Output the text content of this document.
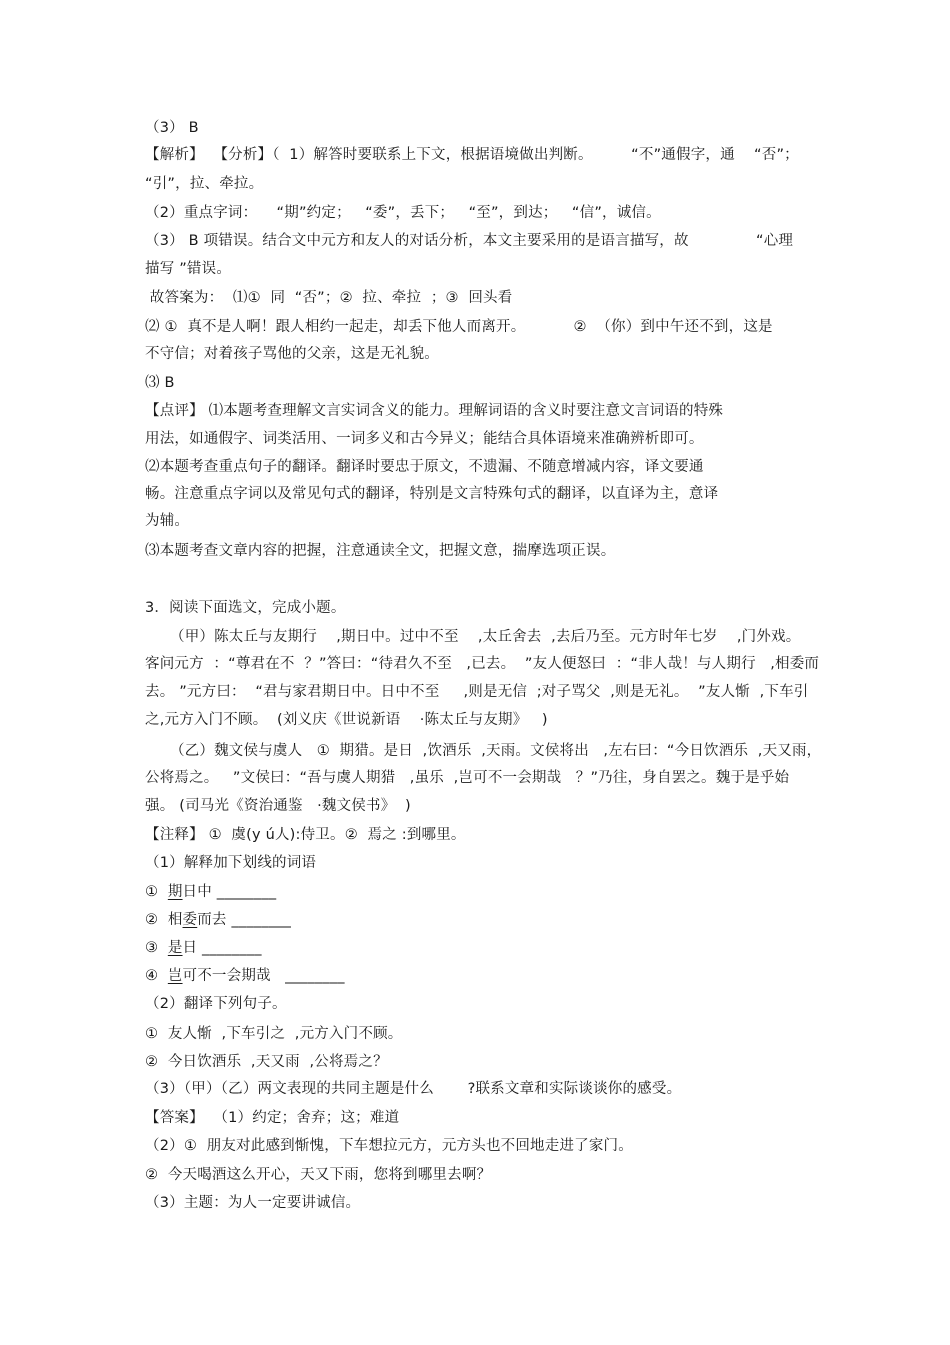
（3） B
【解析】  【分析】（  1）解答时要联系上下文，根据语境做出判断。        “不”通假字，通    “否”；
“引”，拉、牵拉。
（2）重点字词：    “期”约定；   “委”，丢下；   “至”，到达；   “信”，诚信。
（3） B 项错误。结合文中元方和友人的对话分析，本文主要采用的是语言描写，故              “心理
描写 ”错误。
故答案为：  ⑴①  同  “否”；②  拉、牵拉  ；③  回头看
⑵ ①  真不是人啊！跟人相约一起走，却丢下他人而离开。          ②  （你）到中午还不到，这是
不守信；对着孩子骂他的父亲，这是无礼貌。
⑶ B
【点评】 ⑴本题考查理解文言实词含义的能力。理解词语的含义时要注意文言词语的特殊
用法，如通假字、词类活用、一词多义和古今异义；能结合具体语境来准确辨析即可。
⑵本题考查重点句子的翻译。翻译时要忠于原文，不遗漏、不随意增减内容，译文要通
畅。注意重点字词以及常见句式的翻译，特别是文言特殊句式的翻译，以直译为主，意译
为辅。
⑶本题考查文章内容的把握，注意通读全文，把握文意，揣摩选项正误。
3．阅读下面选文，完成小题。
（甲）陈太丘与友期行    ,期日中。过中不至    ,太丘舍去  ,去后乃至。元方时年七岁    ,门外戏。
客问元方  ：“尊君在不  ？”答曰：“待君久不至   ,已去。  ”友人便怒曰  ：“非人哉！与人期行   ,相委而
去。 ”元方曰：  “君与家君期日中。日中不至     ,则是无信  ;对子骂父  ,则是无礼。  ”友人惭  ,下车引
之,元方入门不顾。  (刘义庆《世说新语    ·陈太丘与友期》   )
（乙）魏文侯与虞人   ①  期猎。是日  ,饮酒乐  ,天雨。文侯将出   ,左右曰：“今日饮酒乐  ,天又雨，
公将焉之。   ”文侯曰：“吾与虞人期猎   ,虽乐  ,岂可不一会期哉   ？”乃往，身自罢之。魏于是乎始
强。 (司马光《资治通鉴   ·魏文侯书》  )
【注释】 ①  虞(y ú人):侍卫。②  焉之 :到哪里。
（1）解释加下划线的词语
①  期日中 ________
②  相委而去 ________
③  是日 ________
④  岂可不一会期哉   ________
（2）翻译下列句子。
①  友人惭  ,下车引之  ,元方入门不顾。
②  今日饮酒乐  ,天又雨  ,公将焉之？
（3）（甲）（乙）两文表现的共同主题是什么       ?联系文章和实际谈谈你的感受。
【答案】  （1）约定；舍弃；这；难道
（2）①  朋友对此感到惭愧，下车想拉元方，元方头也不回地走进了家门。
②  今天喝酒这么开心，天又下雨，您将到哪里去啊？
（3）主题：为人一定要讲诚信。
